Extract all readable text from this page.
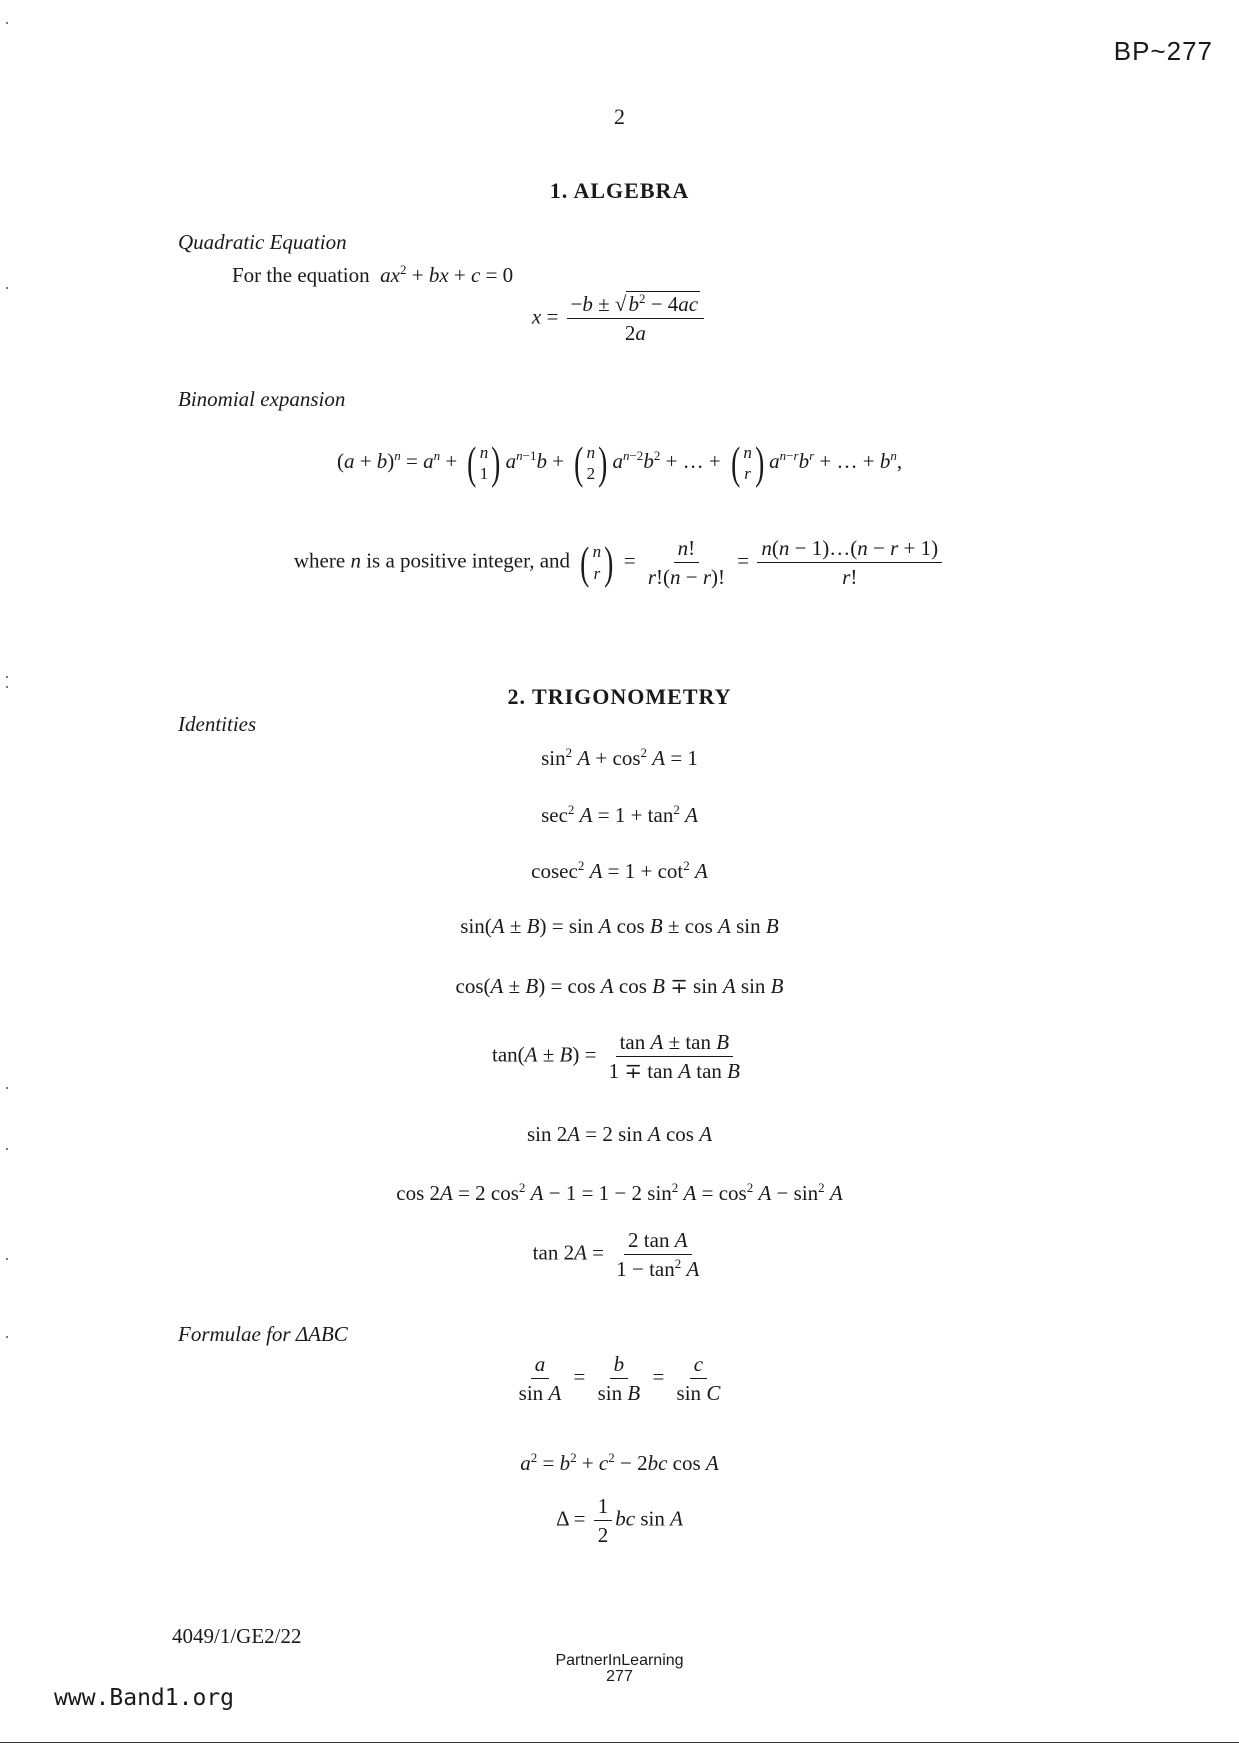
BP~277
2
1. ALGEBRA
Quadratic Equation
For the equation $ax^2$ + bx + c = 0
$x = \frac{-b \pm √b^2 - 4ac}{2a}$
Binomial expansion
$(a + b)^n = a^n$ + ( n
1 ) $a^{n-1}b$ + ( n
2 ) $a^{n-2}b^2$ + … + ( n
r ) $a^{n-r}b^r$ + … + $b^n$,
where n is a positive integer, and ( n
r ) = $\frac{n!}{r!(n - r)!} = \frac{n(n - 1)\dots(n - r + 1)}{r!}$
2. TRIGONOMETRY
Identities
$\sin^2 A + \cos^2 A = 1$
$\sec^2 A = 1 + \tan^2 A$
cosec$^2$ $A = 1 + \cot^2 A$
sin(A ± B) = sin A cos B ± cos A sin B
cos(A ± B) = cos A cos B ∓ sin A sin B
$\tan(A \pm B) = \frac{\text{tan A ± tan B}}{\text{1 ∓ tan A tan B}}$
sin 2A = 2 sin A cos A
cos 2A = 2 $\cos^2 A - 1 = 1 - 2$ $\sin^2 A = \cos^2 A - \sin^2 A$
$\tan 2A = \frac{\text{2 tan A}}{1 - \tan^2 A}$
Formulae for ΔABC
$\frac{a}{\text{sin A}} = \frac{b}{\text{sin B}} = \frac{c}{\text{sin C}}$
$a^2 = b^2 + c^2 - 2bc$ cos A
$\Delta = \frac{1}{2}$ bc sin A
4049/1/GE2/22
PartnerInLearning
277
www.Band1.org
